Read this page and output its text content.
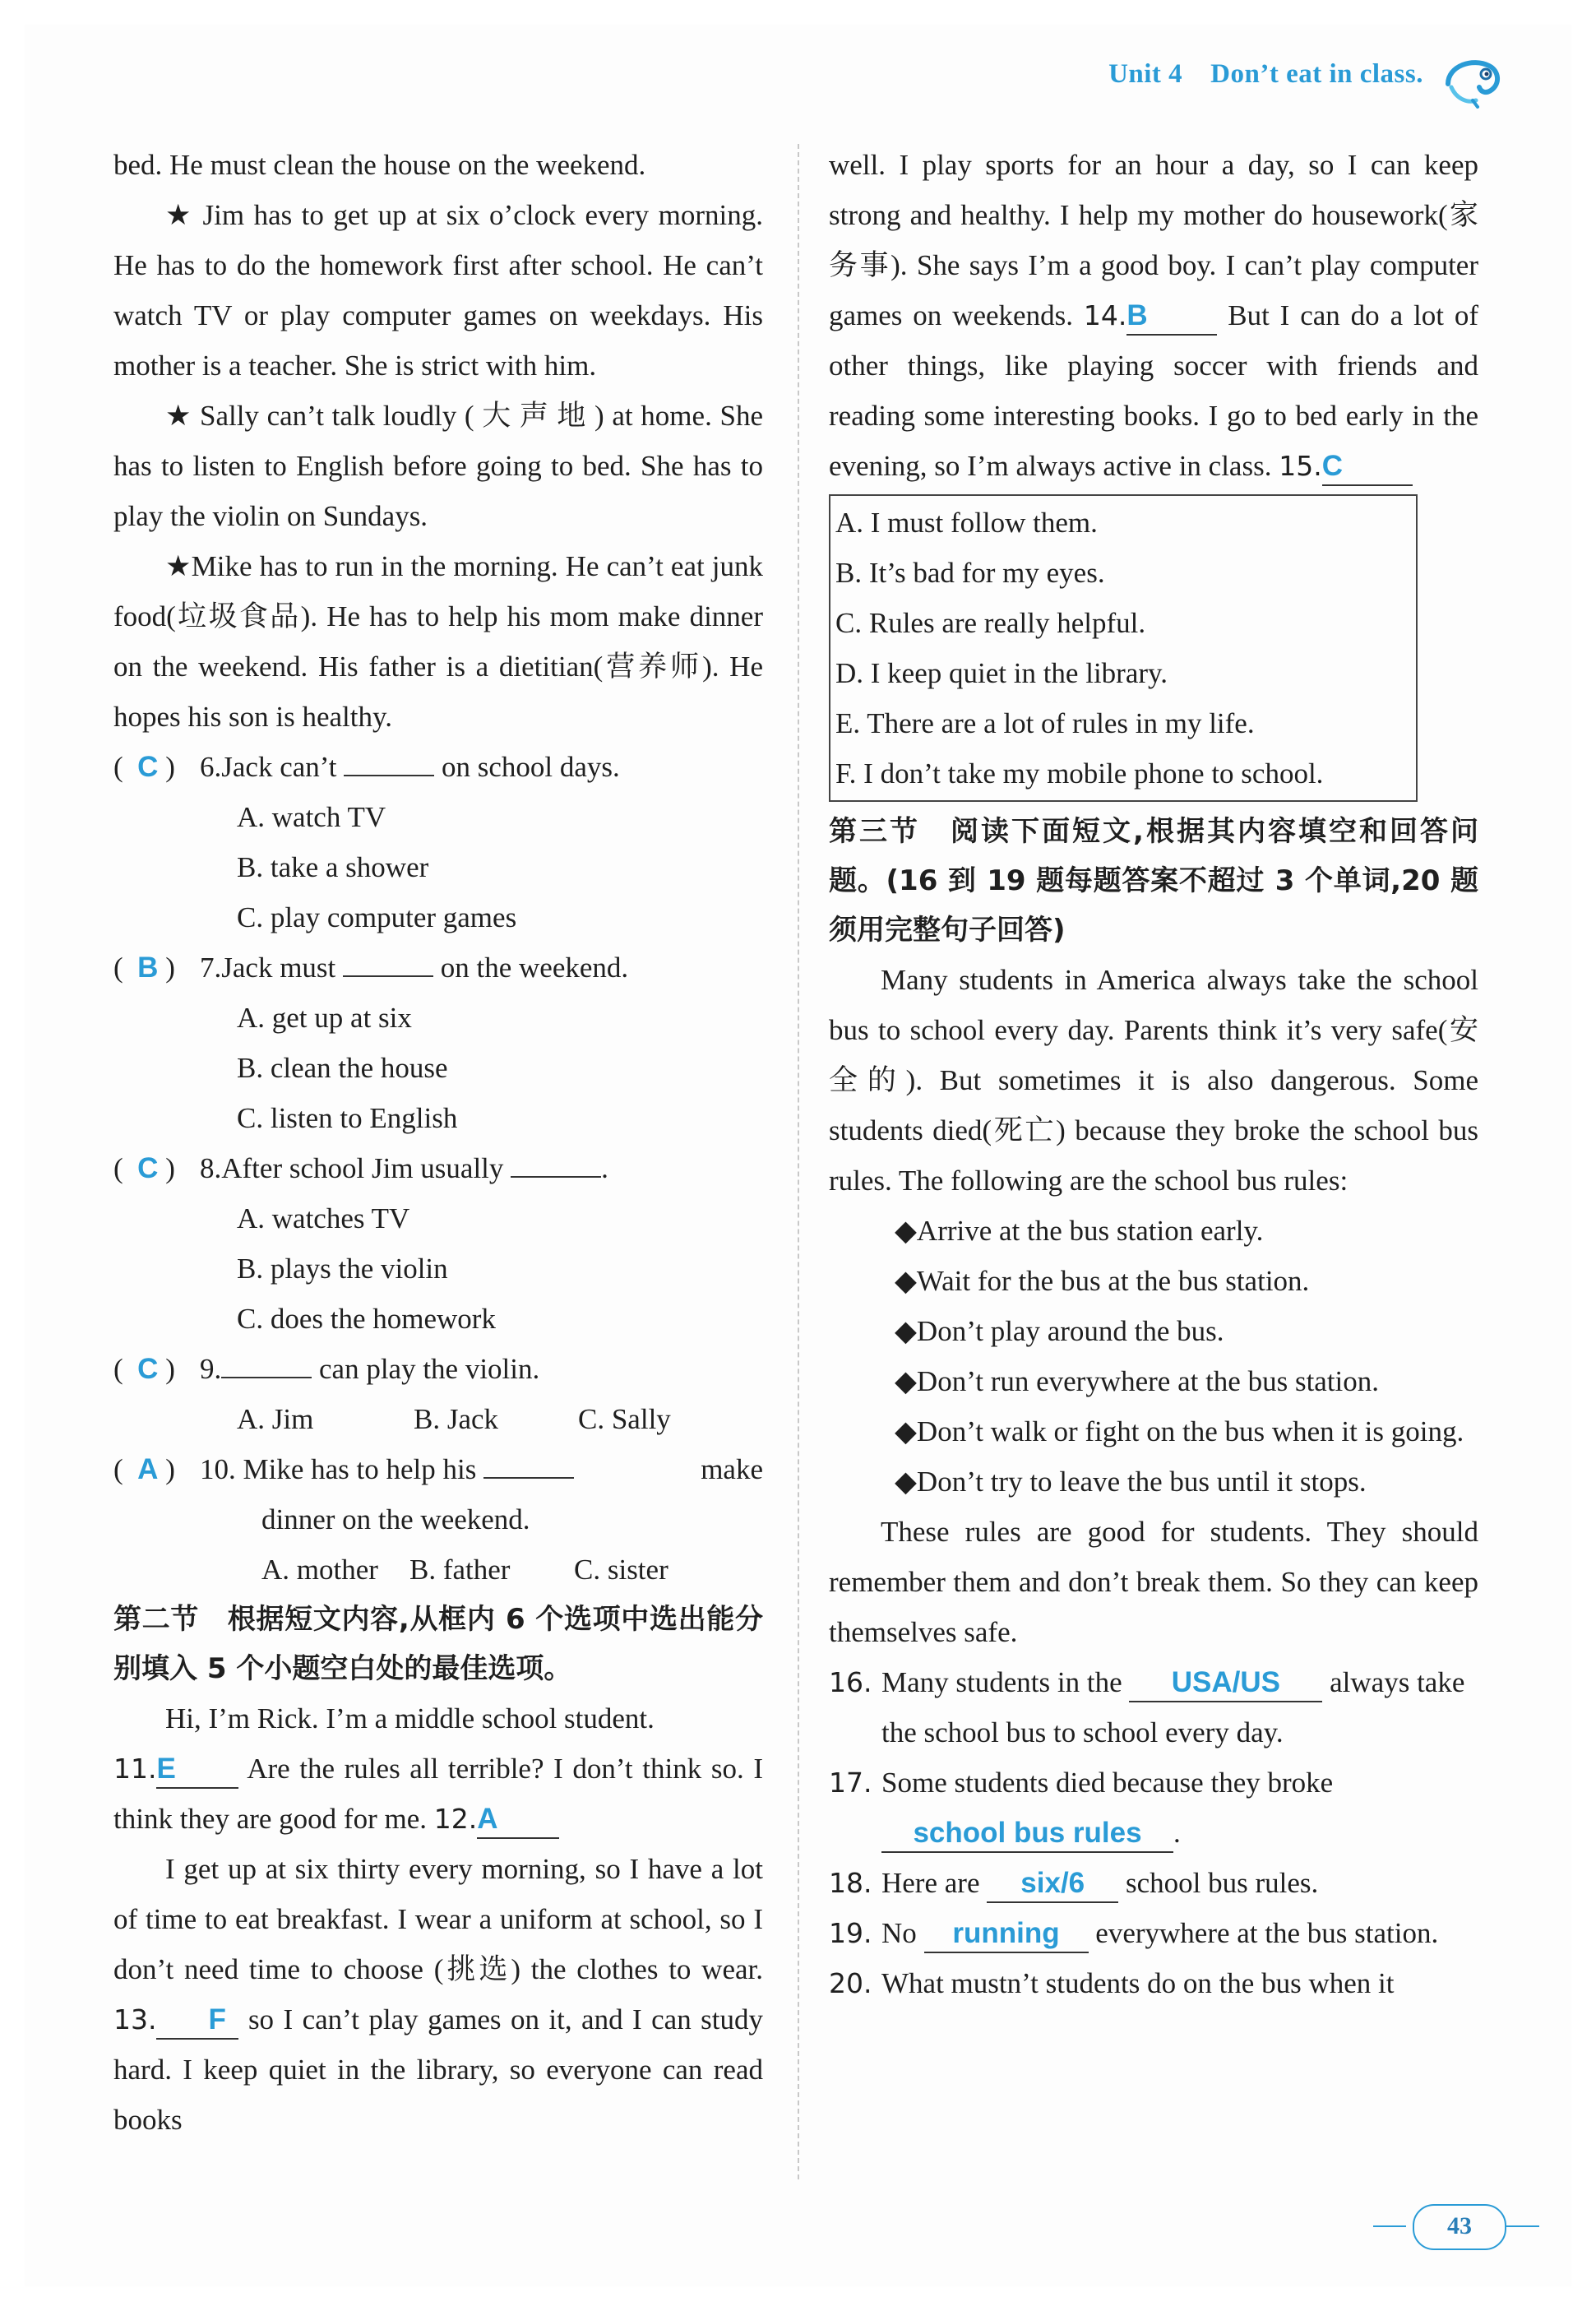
Unit 4 Don’t eat in class.

bed. He must clean the house on the weekend.

★ Jim has to get up at six o’clock every morning. He has to do the homework first after school. He can’t watch TV or play computer games on weekdays. His mother is a teacher. She is strict with him.

★ Sally can’t talk loudly ( 大 声 地 ) at home. She has to listen to English before going to bed. She has to play the violin on Sundays.

★Mike has to run in the morning. He can’t eat junk food(垃圾食品). He has to help his mom make dinner on the weekend. His father is a dietitian(营养师). He hopes his son is healthy.

(  C ) 6.Jack can’t	on school days.
A. watch TV
B. take a shower
C. play computer games
(  B ) 7.Jack must	on the weekend.
A. get up at six
B. clean the house
C. listen to English
(  C ) 8.After school Jim usually	.
A. watches TV
B. plays the violin
C. does the homework
(  C ) 9.	can play the violin.
A. Jim	B. Jack	C. Sally
(  A ) 10. Mike has to help his	make
dinner on the weekend.
A. mother	B. father	C. sister

第二节　根据短文内容,从框内 6 个选项中选出能分别填入 5 个小题空白处的最佳选项。

Hi, I’m Rick. I’m a middle school student.

11.E Are the rules all terrible? I don’t think so. I think they are good for me. 12.A

I get up at six thirty every morning, so I have a lot of time to eat breakfast. I wear a uniform at school, so I don’t need time to choose (挑选) the clothes to wear. 13. F so I can’t play games on it, and I can study hard. I keep quiet in the library, so everyone can read books

well. I play sports for an hour a day, so I can keep strong and healthy. I help my mother do housework(家务事). She says I’m a good boy. I can’t play computer games on weekends. 14.B	But I can do a lot of other things, like playing soccer with friends and reading some interesting books. I go to bed early in the evening, so I’m always active in class. 15.C

A. I must follow them.
B. It’s bad for my eyes.
C. Rules are really helpful.
D. I keep quiet in the library.
E. There are a lot of rules in my life.
F. I don’t take my mobile phone to school.

第三节　阅读下面短文,根据其内容填空和回答问题。(16 到 19 题每题答案不超过 3 个单词,20 题须用完整句子回答)

Many students in America always take the school bus to school every day. Parents think it’s very safe(安全的). But sometimes it is also dangerous. Some students died(死亡) because they broke the school bus rules. The following are the school bus rules:

◆Arrive at the bus station early.
◆Wait for the bus at the bus station.
◆Don’t play around the bus.
◆Don’t run everywhere at the bus station.

◆Don’t walk or fight on the bus when it is going.

◆Don’t try to leave the bus until it stops.

These rules are good for students. They should remember them and don’t break them. So they can keep themselves safe.

16. Many students in the USA/US always take the school bus to school every day.
17. Some students died because they broke school bus rules .
18. Here are six/6 school bus rules.
19. No running everywhere at the bus station.
20. What mustn’t students do on the bus when it
43
